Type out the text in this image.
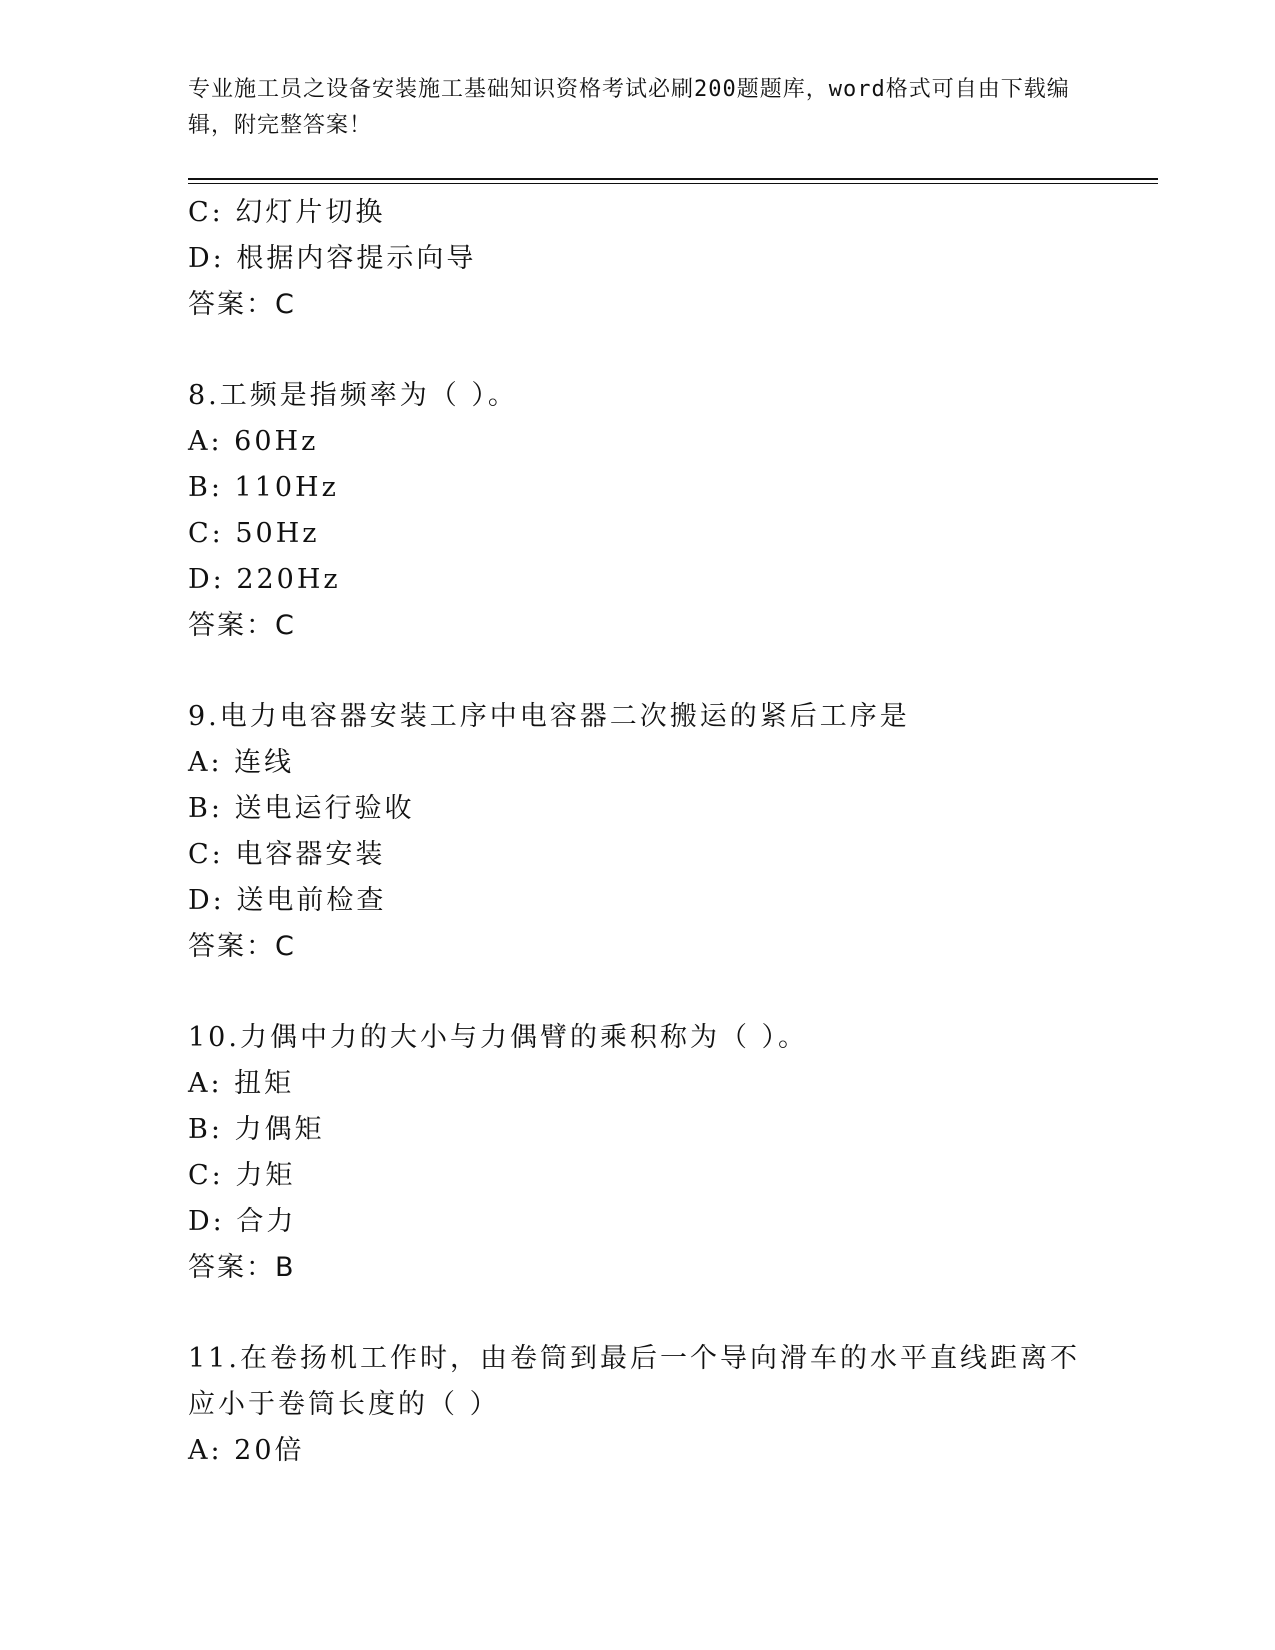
专业施工员之设备安装施工基础知识资格考试必刷200题题库，word格式可自由下载编辑，附完整答案！
C: 幻灯片切换
D: 根据内容提示向导
答案：C
8.工频是指频率为（ ）。
A: 60Hz
B: 110Hz
C: 50Hz
D: 220Hz
答案：C
9.电力电容器安装工序中电容器二次搬运的紧后工序是
A: 连线
B: 送电运行验收
C: 电容器安装
D: 送电前检查
答案：C
10.力偶中力的大小与力偶臂的乘积称为（ ）。
A: 扭矩
B: 力偶矩
C: 力矩
D: 合力
答案：B
11.在卷扬机工作时，由卷筒到最后一个导向滑车的水平直线距离不应小于卷筒长度的（ ）
A: 20倍
